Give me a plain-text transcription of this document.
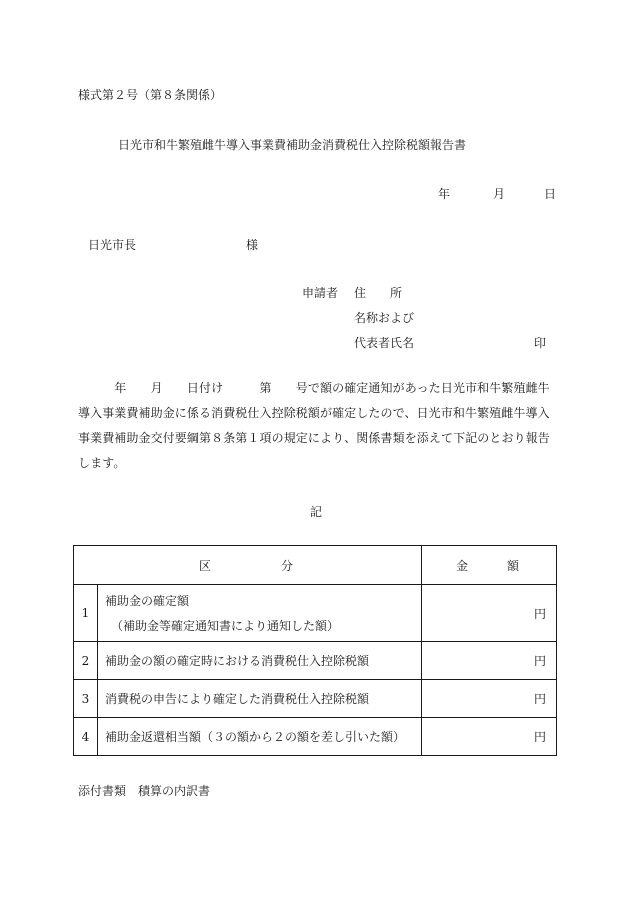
様式第２号（第８条関係）
日光市和牛繁殖雌牛導入事業費補助金消費税仕入控除税額報告書
年	月	日
日光市長	様
申請者 住　　所
名称および
代表者氏名	印
　　　年　　月　　日付け　　　第　　号で額の確定通知があった日光市和牛繁殖雌牛導入事業費補助金に係る消費税仕入控除税額が確定したので、日光市和牛繁殖雌牛導入事業費補助金交付要綱第８条第１項の規定により、関係書類を添えて下記のとおり報告します。
記
区 分		金 額

1	補助金の確定額
（補助金等確定通知書により通知した額）	円
2	補助金の額の確定時における消費税仕入控除税額	円
3	消費税の申告により確定した消費税仕入控除税額	円
4	補助金返還相当額（３の額から２の額を差し引いた額）	円
添付書類　積算の内訳書
